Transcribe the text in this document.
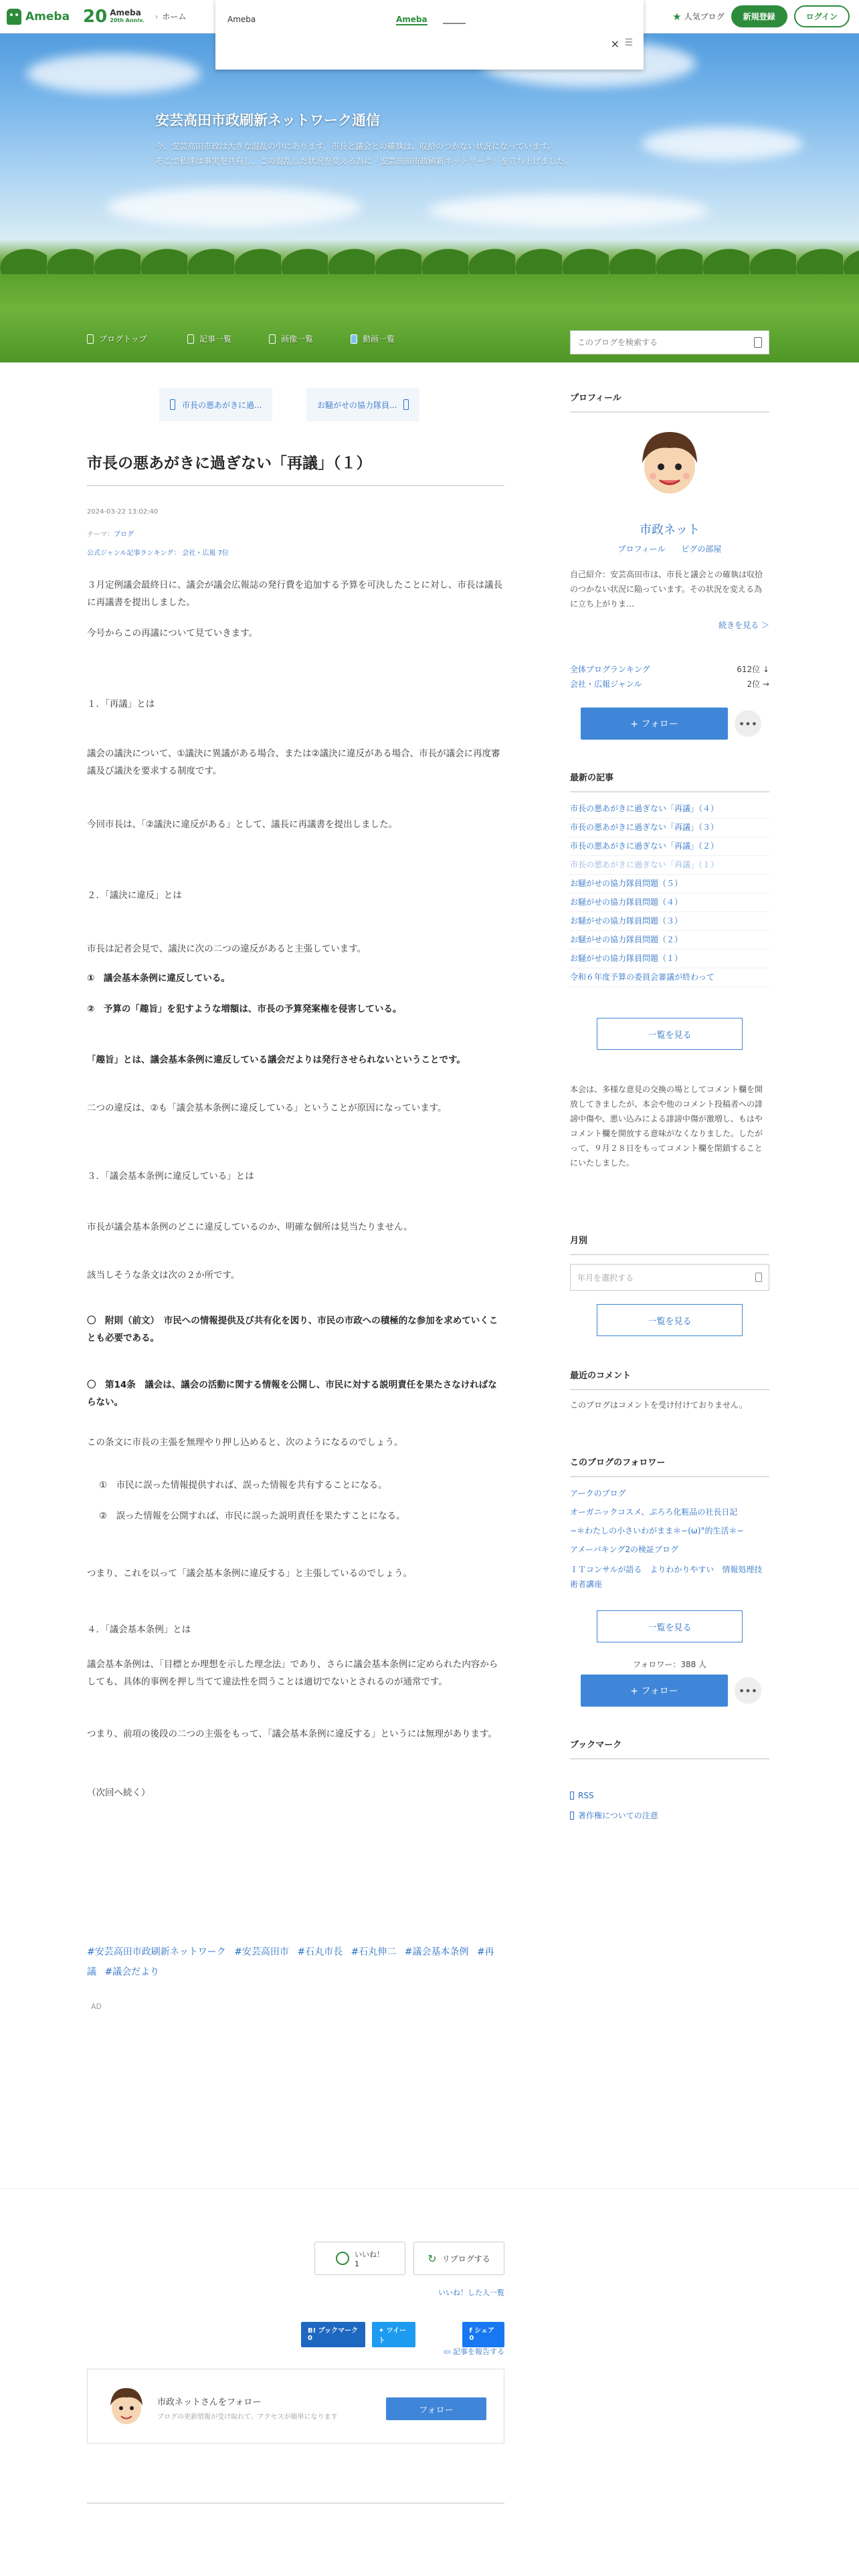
安芸高田市政刷新ネットワーク通信
今、安芸高田市政は大きな混乱の中にあります。市長と議会との確執は、収拾のつかない状況になっています。
そこで私達は事実を共有し、この混乱した状況を変える為に「安芸高田市政刷新ネットワーク」を立ち上げました。
ブログトップ	記事一覧	画像一覧	動画一覧
このブログを検索する
Ameba 20 Ameba
20th Anniv.
›	ホーム	★ 人気ブログ	新規登録	ログイン
Ameba	Ameba
× ☰
市長の悪あがきに過...	お騒がせの協力隊員...
市長の悪あがきに過ぎない「再議」（１）
2024-03-22 13:02:40
テーマ：ブログ
公式ジャンル記事ランキング： 会社・広報 7位

３月定例議会最終日に、議会が議会広報誌の発行費を追加する予算を可決したことに対し、市長は議長に再議書を提出しました。

今号からこの再議について見ていきます。

１．「再議」とは

議会の議決について、①議決に異議がある場合、または②議決に違反がある場合、市長が議会に再度審議及び議決を要求する制度です。

今回市長は、「②議決に違反がある」として、議長に再議書を提出しました。

２．「議決に違反」とは

市長は記者会見で、議決に次の二つの違反があると主張しています。

①　議会基本条例に違反している。

②　予算の「趣旨」を犯すような増額は、市長の予算発案権を侵害している。

「趣旨」とは、議会基本条例に違反している議会だよりは発行させられないということです。

二つの違反は、②も「議会基本条例に違反している」ということが原因になっています。

３．「議会基本条例に違反している」とは

市長が議会基本条例のどこに違反しているのか、明確な個所は見当たりません。

該当しそうな条文は次の２か所です。

〇　附則（前文）　市民への情報提供及び共有化を図り、市民の市政への積極的な参加を求めていくことも必要である。

〇　第14条　議会は、議会の活動に関する情報を公開し、市民に対する説明責任を果たさなければならない。

この条文に市長の主張を無理やり押し込めると、次のようになるのでしょう。

①　市民に誤った情報提供すれば、誤った情報を共有することになる。

②　誤った情報を公開すれば、市民に誤った説明責任を果たすことになる。

つまり、これを以って「議会基本条例に違反する」と主張しているのでしょう。

４．「議会基本条例」とは

議会基本条例は、「目標とか理想を示した理念法」であり、さらに議会基本条例に定められた内容からしても、具体的事例を押し当てて違法性を問うことは適切でないとされるのが通常です。

つまり、前項の後段の二つの主張をもって、「議会基本条例に違反する」というには無理があります。

（次回へ続く）

#安芸高田市政刷新ネットワーク #安芸高田市 #石丸市長 #石丸伸二 #議会基本条例 #再議 #議会だより
AD
いいね！
1	↻ リブログする
いいね！した人一覧
B! ブックマーク 0
✦ ツイート
f シェア 0
▭ 記事を報告する
市政ネットさんをフォロー
ブログの更新情報が受け取れて、アクセスが簡単になります
フォロー
プロフィール
市政ネット
プロフィール ピグの部屋
自己紹介：安芸高田市は、市長と議会との確執は収拾のつかない状況に陥っています。その状況を変える為に立ち上がりま…
続きを見る ＞
全体ブログランキング	612位 ↓
会社・広報ジャンル	2位 →
+ フォロー	•••
最新の記事
市長の悪あがきに過ぎない「再議」（４）
市長の悪あがきに過ぎない「再議」（３）
市長の悪あがきに過ぎない「再議」（２）
市長の悪あがきに過ぎない「再議」（１）
お騒がせの協力隊員問題（５）
お騒がせの協力隊員問題（４）
お騒がせの協力隊員問題（３）
お騒がせの協力隊員問題（２）
お騒がせの協力隊員問題（１）
令和６年度予算の委員会審議が終わって
一覧を見る
本会は、多様な意見の交換の場としてコメント欄を開放してきましたが、本会や他のコメント投稿者への誹謗中傷や、悪い込みによる誹謗中傷が激増し、もはやコメント欄を開放する意味がなくなりました。したがって、９月２８日をもってコメント欄を閉鎖することにいたしました。
月別
年月を選択する
一覧を見る
最近のコメント
このブログはコメントを受け付けておりません。
このブログのフォロワー
アークのブログ
オーガニックコスメ、ぷろろ化粧品の社長日記
−＊わたしの小さいわがまま＊−(ω)°的生活＊−
アメーバキング2の検証ブログ
ＩＴコンサルが語る　よりわかりやすい　情報処理技術者講座
一覧を見る
フォロワー：388 人
+ フォロー	•••
ブックマーク
RSS
著作権についての注意
